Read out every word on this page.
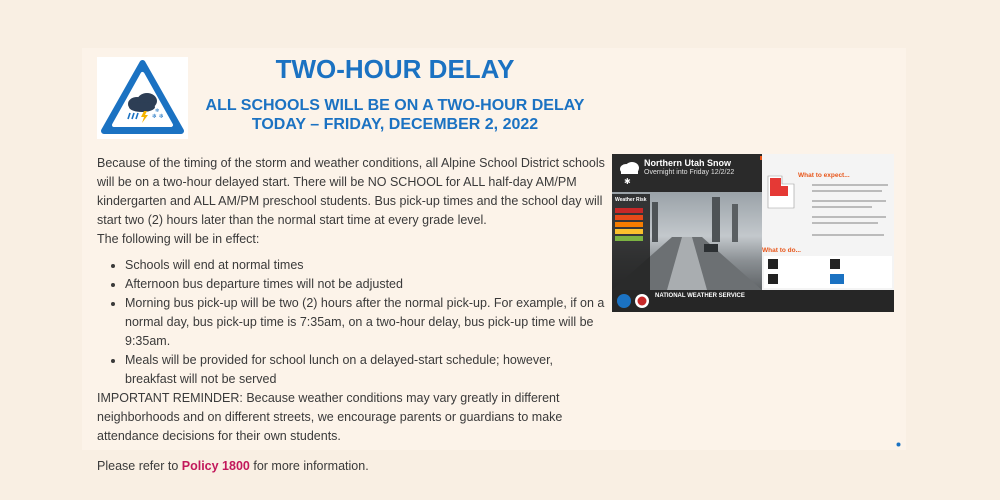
❄ ❄
❄
TWO-HOUR DELAY
ALL SCHOOLS WILL BE ON A TWO-HOUR DELAY
TODAY – FRIDAY, DECEMBER 2, 2022

Because of the timing of the storm and weather conditions, all Alpine School District schools will be on a two-hour delayed start. There will be NO SCHOOL for ALL half-day AM/PM kindergarten and ALL AM/PM preschool students. Bus pick-up times and the school day will start two (2) hours later than the normal start time at every grade level.

The following will be in effect:

• Schools will end at normal times
• Afternoon bus departure times will not be adjusted
• Morning bus pick-up will be two (2) hours after the normal pick-up. For example, if on a normal day, bus pick-up time is 7:35am, on a two-hour delay, bus pick-up time will be 9:35am.
• Meals will be provided for school lunch on a delayed-start schedule; however, breakfast will not be served

IMPORTANT REMINDER: Because weather conditions may vary greatly in different neighborhoods and on different streets, we encourage parents or guardians to make attendance decisions for their own students.

Please refer to Policy 1800 for more information.

✱
Northern Utah Snow
Overnight into Friday 12/2/22
Weather Risk
What to expect...
What to do...
NATIONAL WEATHER SERVICE
